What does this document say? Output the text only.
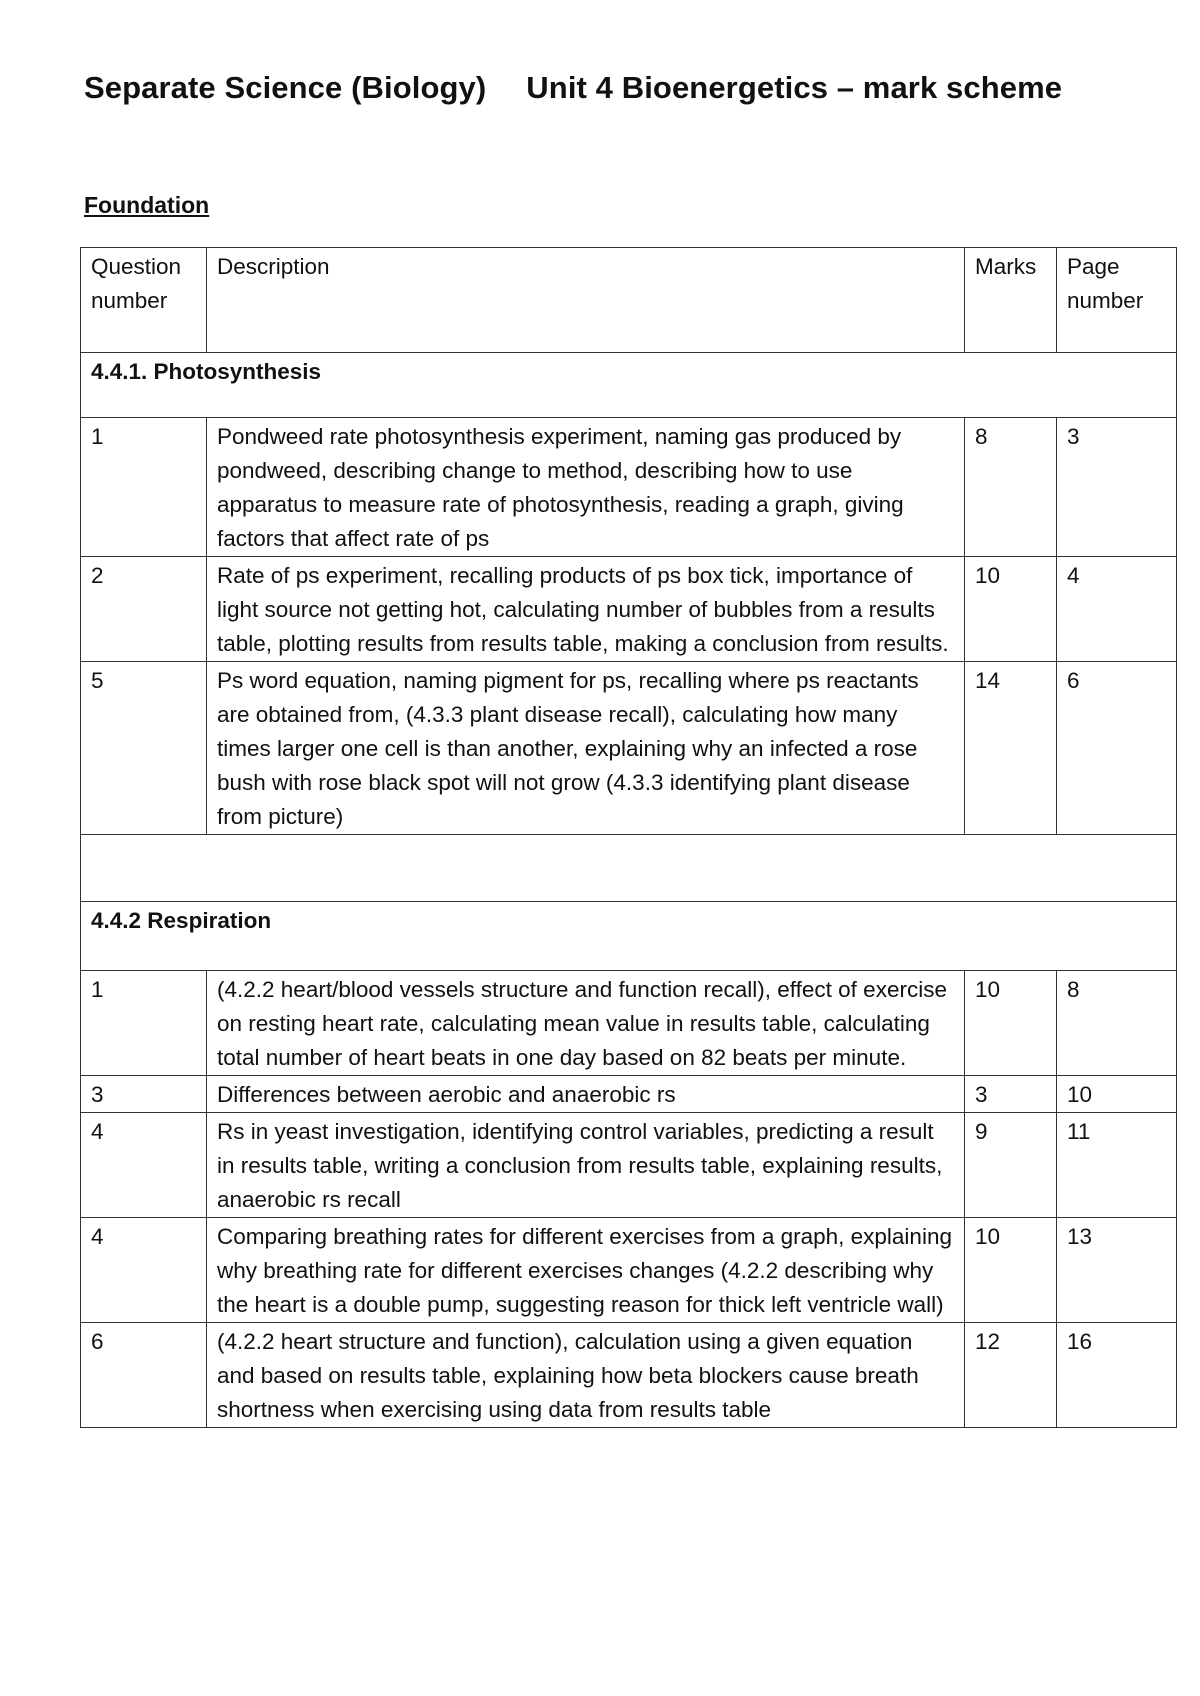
Separate Science (Biology) Unit 4 Bioenergetics – mark scheme
Foundation
Question number	Description	Marks	Page number
4.4.1. Photosynthesis			
1	Pondweed rate photosynthesis experiment, naming gas produced by pondweed, describing change to method, describing how to use apparatus to measure rate of photosynthesis, reading a graph, giving factors that affect rate of ps	8	3
2	Rate of ps experiment, recalling products of ps box tick, importance of light source not getting hot, calculating number of bubbles from a results table, plotting results from results table, making a conclusion from results.	10	4
5	Ps word equation, naming pigment for ps, recalling where ps reactants are obtained from, (4.3.3 plant disease recall), calculating how many times larger one cell is than another, explaining why an infected a rose bush with rose black spot will not grow (4.3.3 identifying plant disease from picture)	14	6

4.4.2 Respiration			
1	(4.2.2 heart/blood vessels structure and function recall), effect of exercise on resting heart rate, calculating mean value in results table, calculating total number of heart beats in one day based on 82 beats per minute.	10	8
3	Differences between aerobic and anaerobic rs	3	10
4	Rs in yeast investigation, identifying control variables, predicting a result in results table, writing a conclusion from results table, explaining results, anaerobic rs recall	9	11
4	Comparing breathing rates for different exercises from a graph, explaining why breathing rate for different exercises changes (4.2.2 describing why the heart is a double pump, suggesting reason for thick left ventricle wall)	10	13
6	(4.2.2 heart structure and function), calculation using a given equation and based on results table, explaining how beta blockers cause breath shortness when exercising using data from results table	12	16
